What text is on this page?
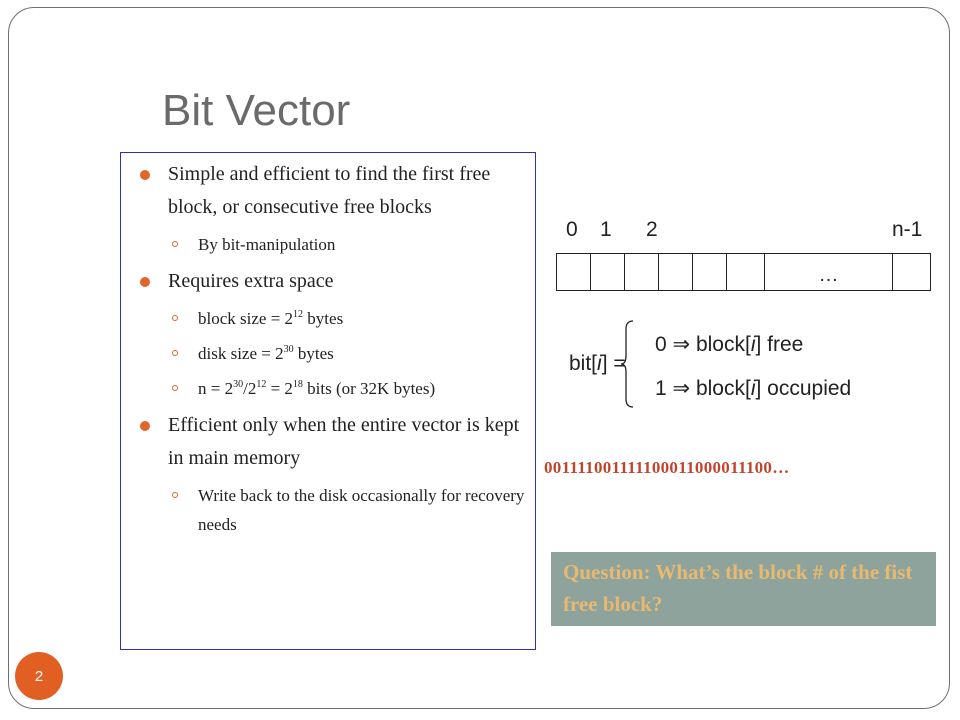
Bit Vector
Simple and efficient to find the first free block, or consecutive free blocks
By bit-manipulation
Requires extra space
block size = $2^{12}$ bytes
disk size = $2^{30}$ bytes
$n = 2^{30}/2^{12} = 2^{18}$ bits (or 32K bytes)
Efficient only when the entire vector is kept in main memory
Write back to the disk occasionally for recovery needs
0 1 2	n-1
…
bit[i] =
0 ⇒ block[i] free
1 ⇒ block[i] occupied
001111001111100011000011100…
Question: What’s the block # of the fist free block?
2
